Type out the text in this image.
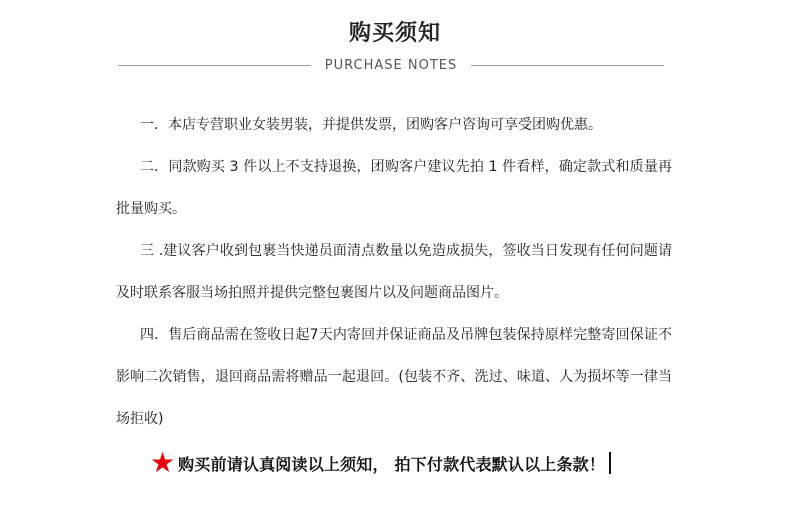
购买须知
PURCHASE NOTES

一．本店专营职业女装男装，并提供发票，团购客户咨询可享受团购优惠。

二．同款购买 3 件以上不支持退换，团购客户建议先拍 1 件看样，确定款式和质量再批量购买。

三 .建议客户收到包裹当快递员面清点数量以免造成损失，签收当日发现有任何问题请及时联系客服当场拍照并提供完整包裹图片以及问题商品图片。

四．售后商品需在签收日起7天内寄回并保证商品及吊牌包装保持原样完整寄回保证不影响二次销售，退回商品需将赠品一起退回。(包装不齐、洗过、味道、人为损坏等一律当场拒收)

★ 购买前请认真阅读以上须知， 拍下付款代表默认以上条款！
